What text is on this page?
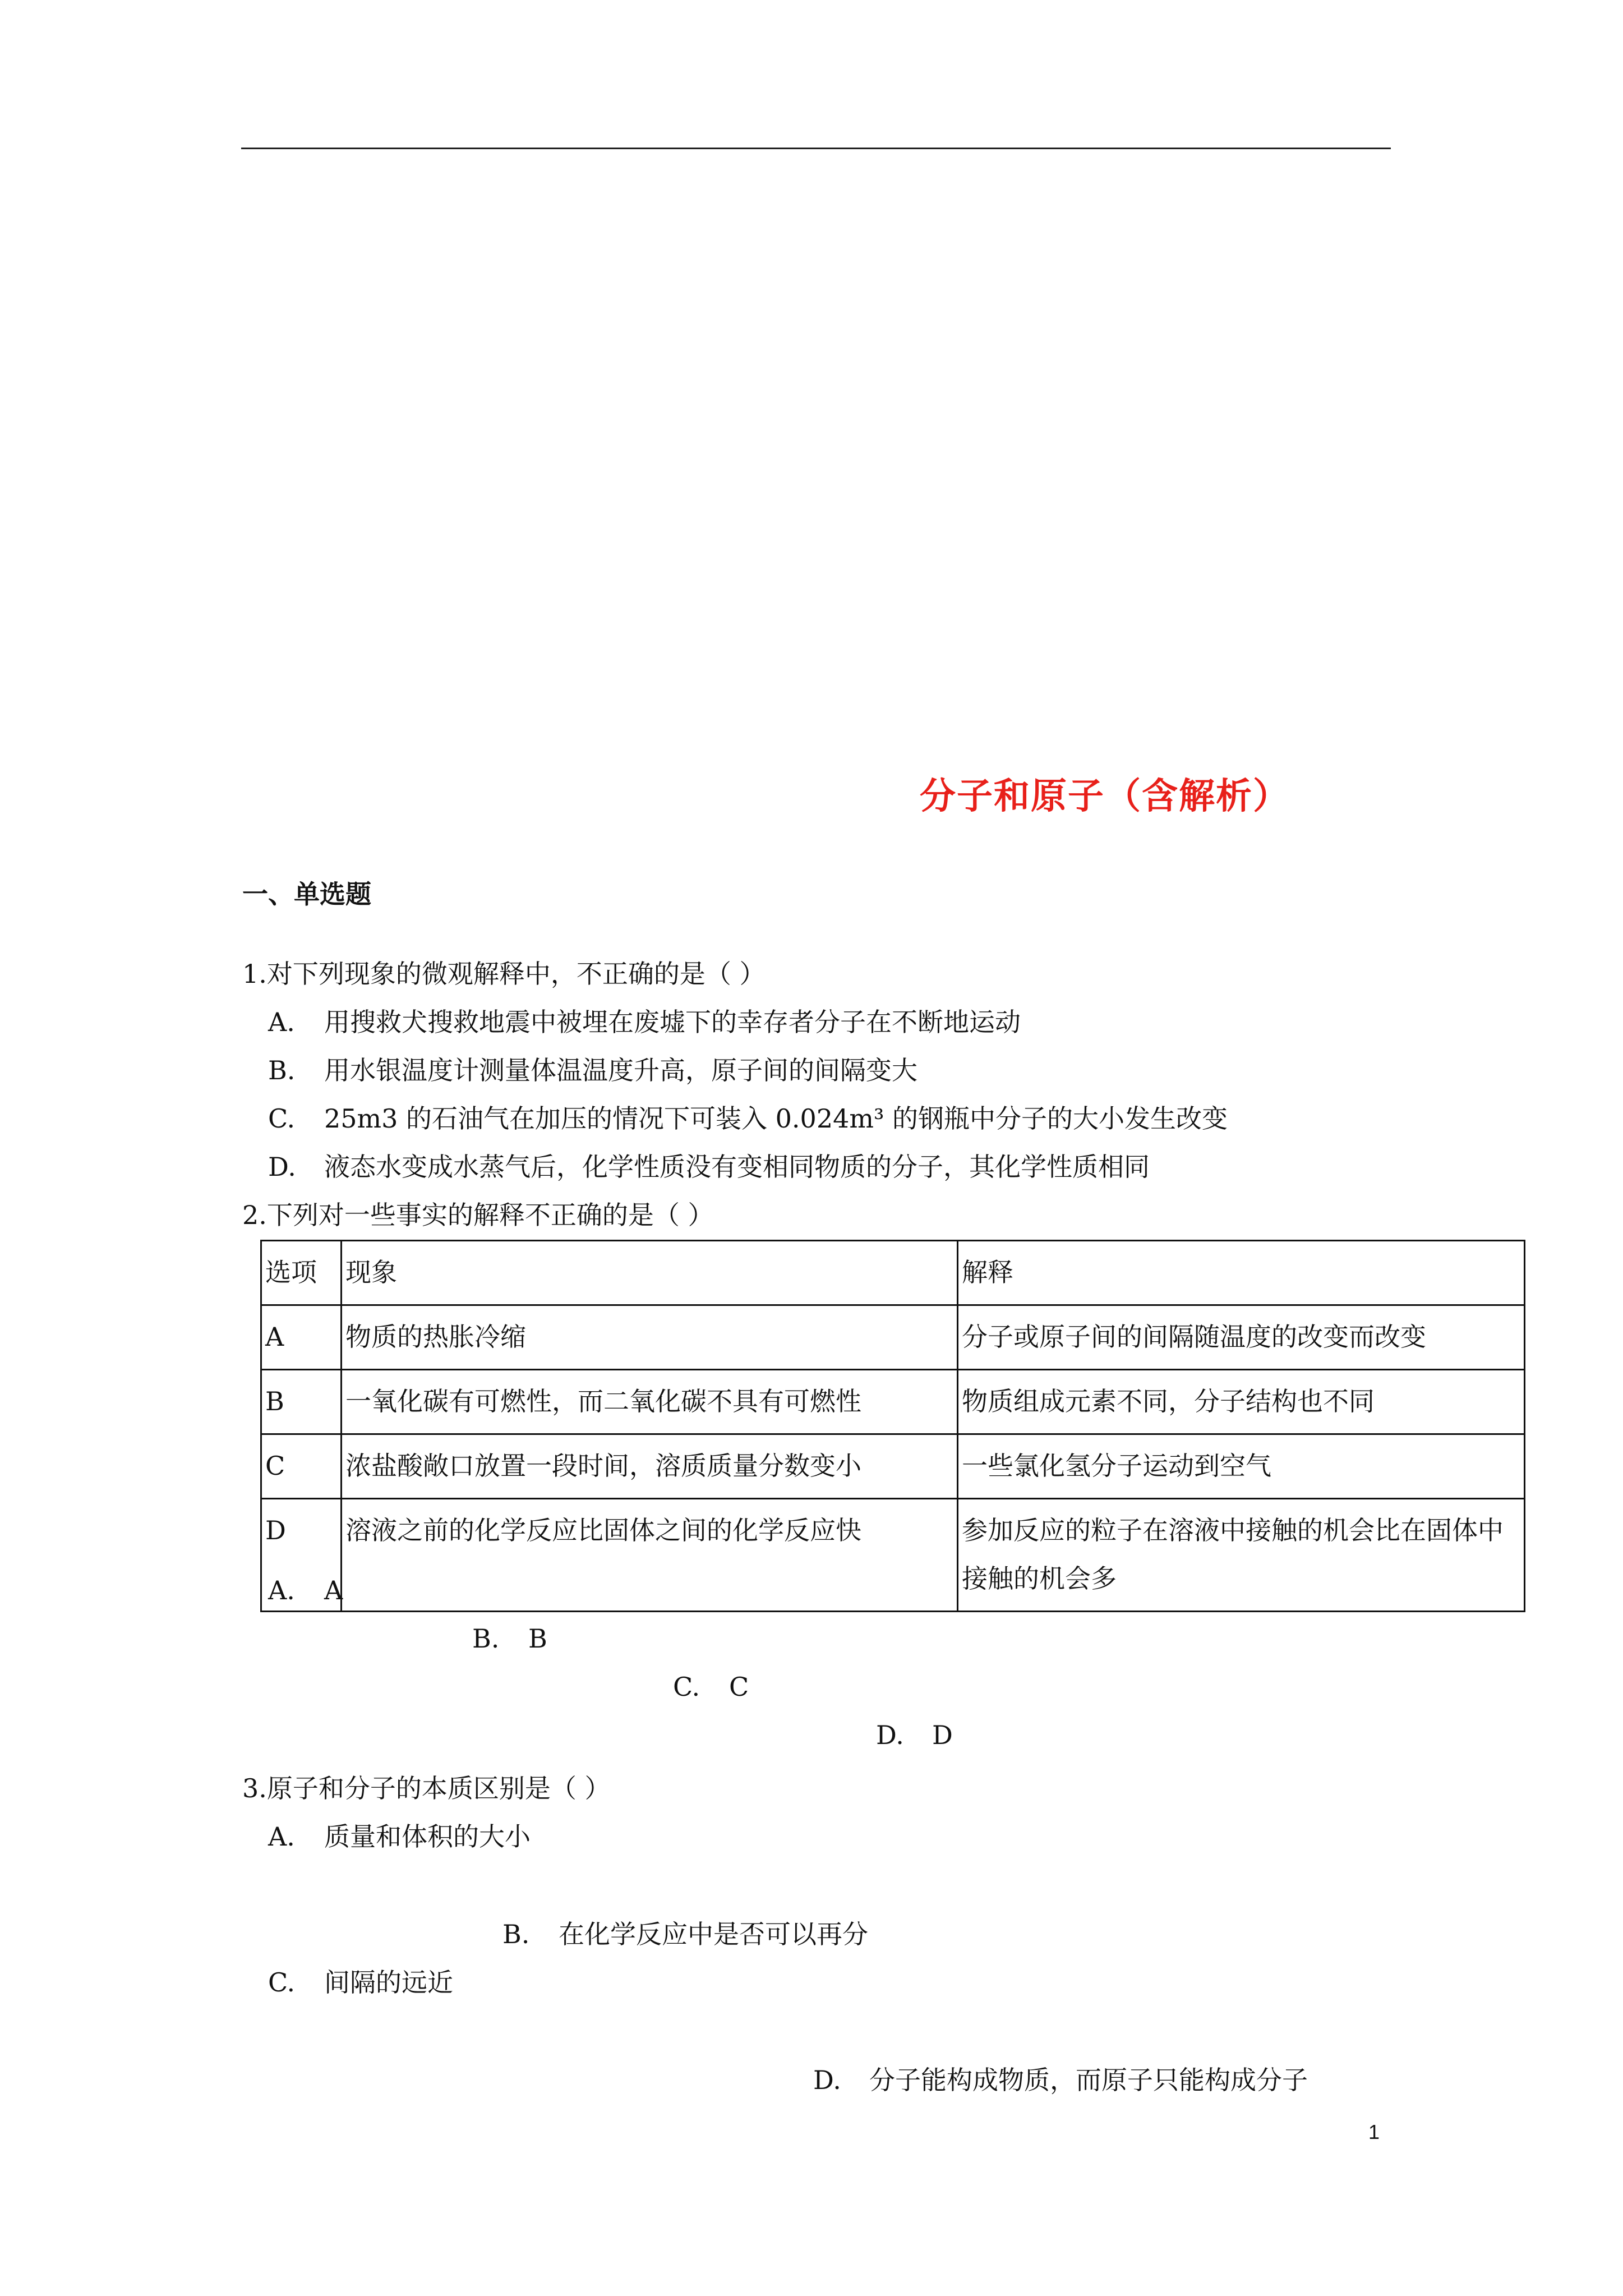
分子和原子（含解析）
一、单选题
1.对下列现象的微观解释中，不正确的是（ ）
A. 用搜救犬搜救地震中被埋在废墟下的幸存者分子在不断地运动
B. 用水银温度计测量体温温度升高，原子间的间隔变大
C. 25m3 的石油气在加压的情况下可装入 0.024m³ 的钢瓶中分子的大小发生改变
D. 液态水变成水蒸气后，化学性质没有变相同物质的分子，其化学性质相同
2.下列对一些事实的解释不正确的是（ ）
选项	现象	解释
A	物质的热胀冷缩	分子或原子间的间隔随温度的改变而改变
B	一氧化碳有可燃性，而二氧化碳不具有可燃性	物质组成元素不同，分子结构也不同
C	浓盐酸敞口放置一段时间，溶质质量分数变小	一些氯化氢分子运动到空气
D	溶液之前的化学反应比固体之间的化学反应快	参加反应的粒子在溶液中接触的机会比在固体中接触的机会多
A. A
B. B
C. C
D. D
3.原子和分子的本质区别是（ ）
A. 质量和体积的大小
B. 在化学反应中是否可以再分
C. 间隔的远近
D. 分子能构成物质，而原子只能构成分子
1
